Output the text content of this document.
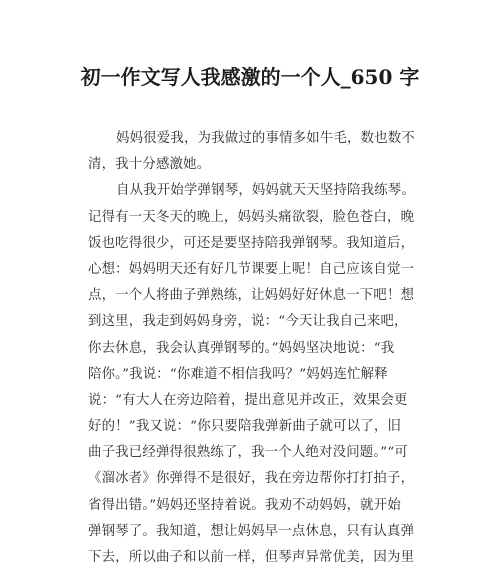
初一作文写人我感激的一个人_650 字
妈妈很爱我，为我做过的事情多如牛毛，数也数不
清，我十分感激她。
自从我开始学弹钢琴，妈妈就天天坚持陪我练琴。
记得有一天冬天的晚上，妈妈头痛欲裂，脸色苍白，晚
饭也吃得很少，可还是要坚持陪我弹钢琴。我知道后，
心想：妈妈明天还有好几节课要上呢！自己应该自觉一
点，一个人将曲子弹熟练，让妈妈好好休息一下吧！想
到这里，我走到妈妈身旁，说：“今天让我自己来吧，
你去休息，我会认真弹钢琴的。”妈妈坚决地说：“我
陪你。”我说：“你难道不相信我吗？”妈妈连忙解释
说：“有大人在旁边陪着，提出意见并改正，效果会更
好的！”我又说：“你只要陪我弹新曲子就可以了，旧
曲子我已经弹得很熟练了，我一个人绝对没问题。”“可
《溜冰者》你弹得不是很好，我在旁边帮你打打拍子，
省得出错。”妈妈还坚持着说。我劝不动妈妈，就开始
弹钢琴了。我知道，想让妈妈早一点休息，只有认真弹
下去，所以曲子和以前一样，但琴声异常优美，因为里
